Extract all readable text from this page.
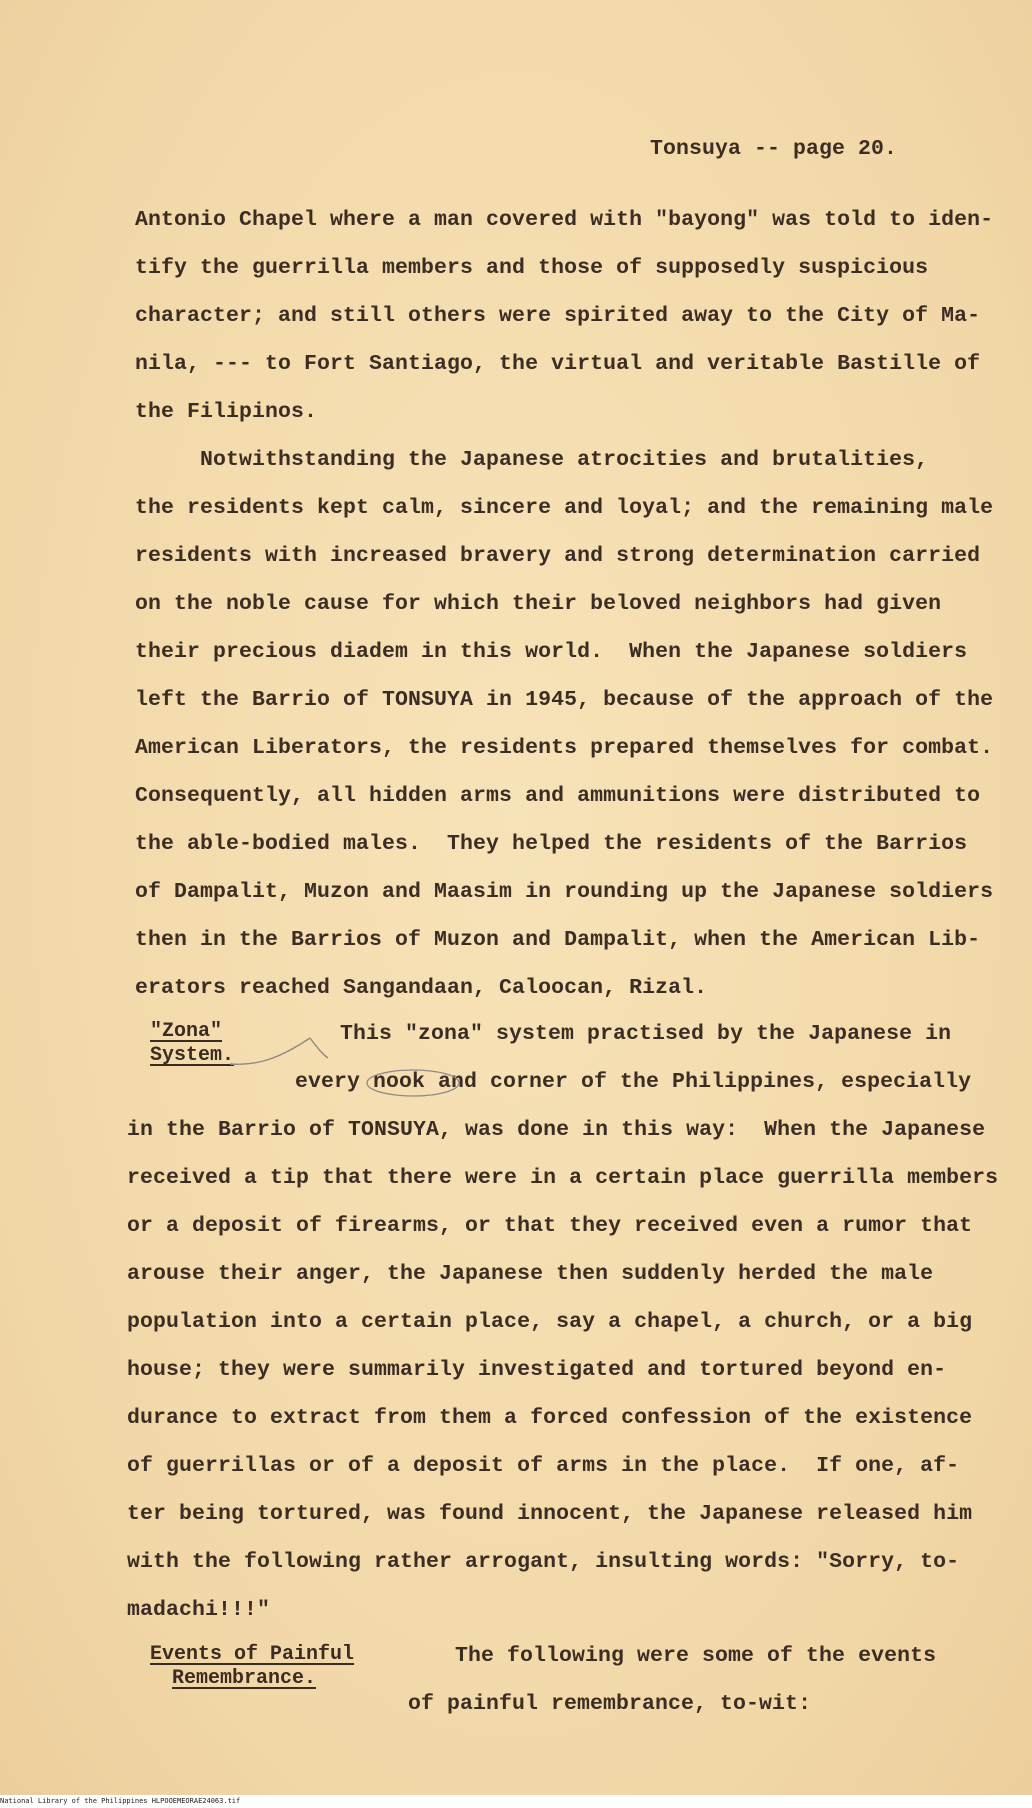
Tonsuya -- page 20.
Antonio Chapel where a man covered with "bayong" was told to iden-
tify the guerrilla members and those of supposedly suspicious
character; and still others were spirited away to the City of Ma-
nila, --- to Fort Santiago, the virtual and veritable Bastille of
the Filipinos.
Notwithstanding the Japanese atrocities and brutalities,
the residents kept calm, sincere and loyal; and the remaining male
residents with increased bravery and strong determination carried
on the noble cause for which their beloved neighbors had given
their precious diadem in this world.  When the Japanese soldiers
left the Barrio of TONSUYA in 1945, because of the approach of the
American Liberators, the residents prepared themselves for combat.
Consequently, all hidden arms and ammunitions were distributed to
the able-bodied males.  They helped the residents of the Barrios
of Dampalit, Muzon and Maasim in rounding up the Japanese soldiers
then in the Barrios of Muzon and Dampalit, when the American Lib-
erators reached Sangandaan, Caloocan, Rizal.
"Zona"
System.
This "zona" system practised by the Japanese in
every nook and corner of the Philippines, especially
in the Barrio of TONSUYA, was done in this way:  When the Japanese
received a tip that there were in a certain place guerrilla members
or a deposit of firearms, or that they received even a rumor that
arouse their anger, the Japanese then suddenly herded the male
population into a certain place, say a chapel, a church, or a big
house; they were summarily investigated and tortured beyond en-
durance to extract from them a forced confession of the existence
of guerrillas or of a deposit of arms in the place.  If one, af-
ter being tortured, was found innocent, the Japanese released him
with the following rather arrogant, insulting words: "Sorry, to-
madachi!!!"
Events of Painful
Remembrance.
The following were some of the events
of painful remembrance, to-wit:
National Library of the Philippines HLPOOEMEORAE24063.tif
